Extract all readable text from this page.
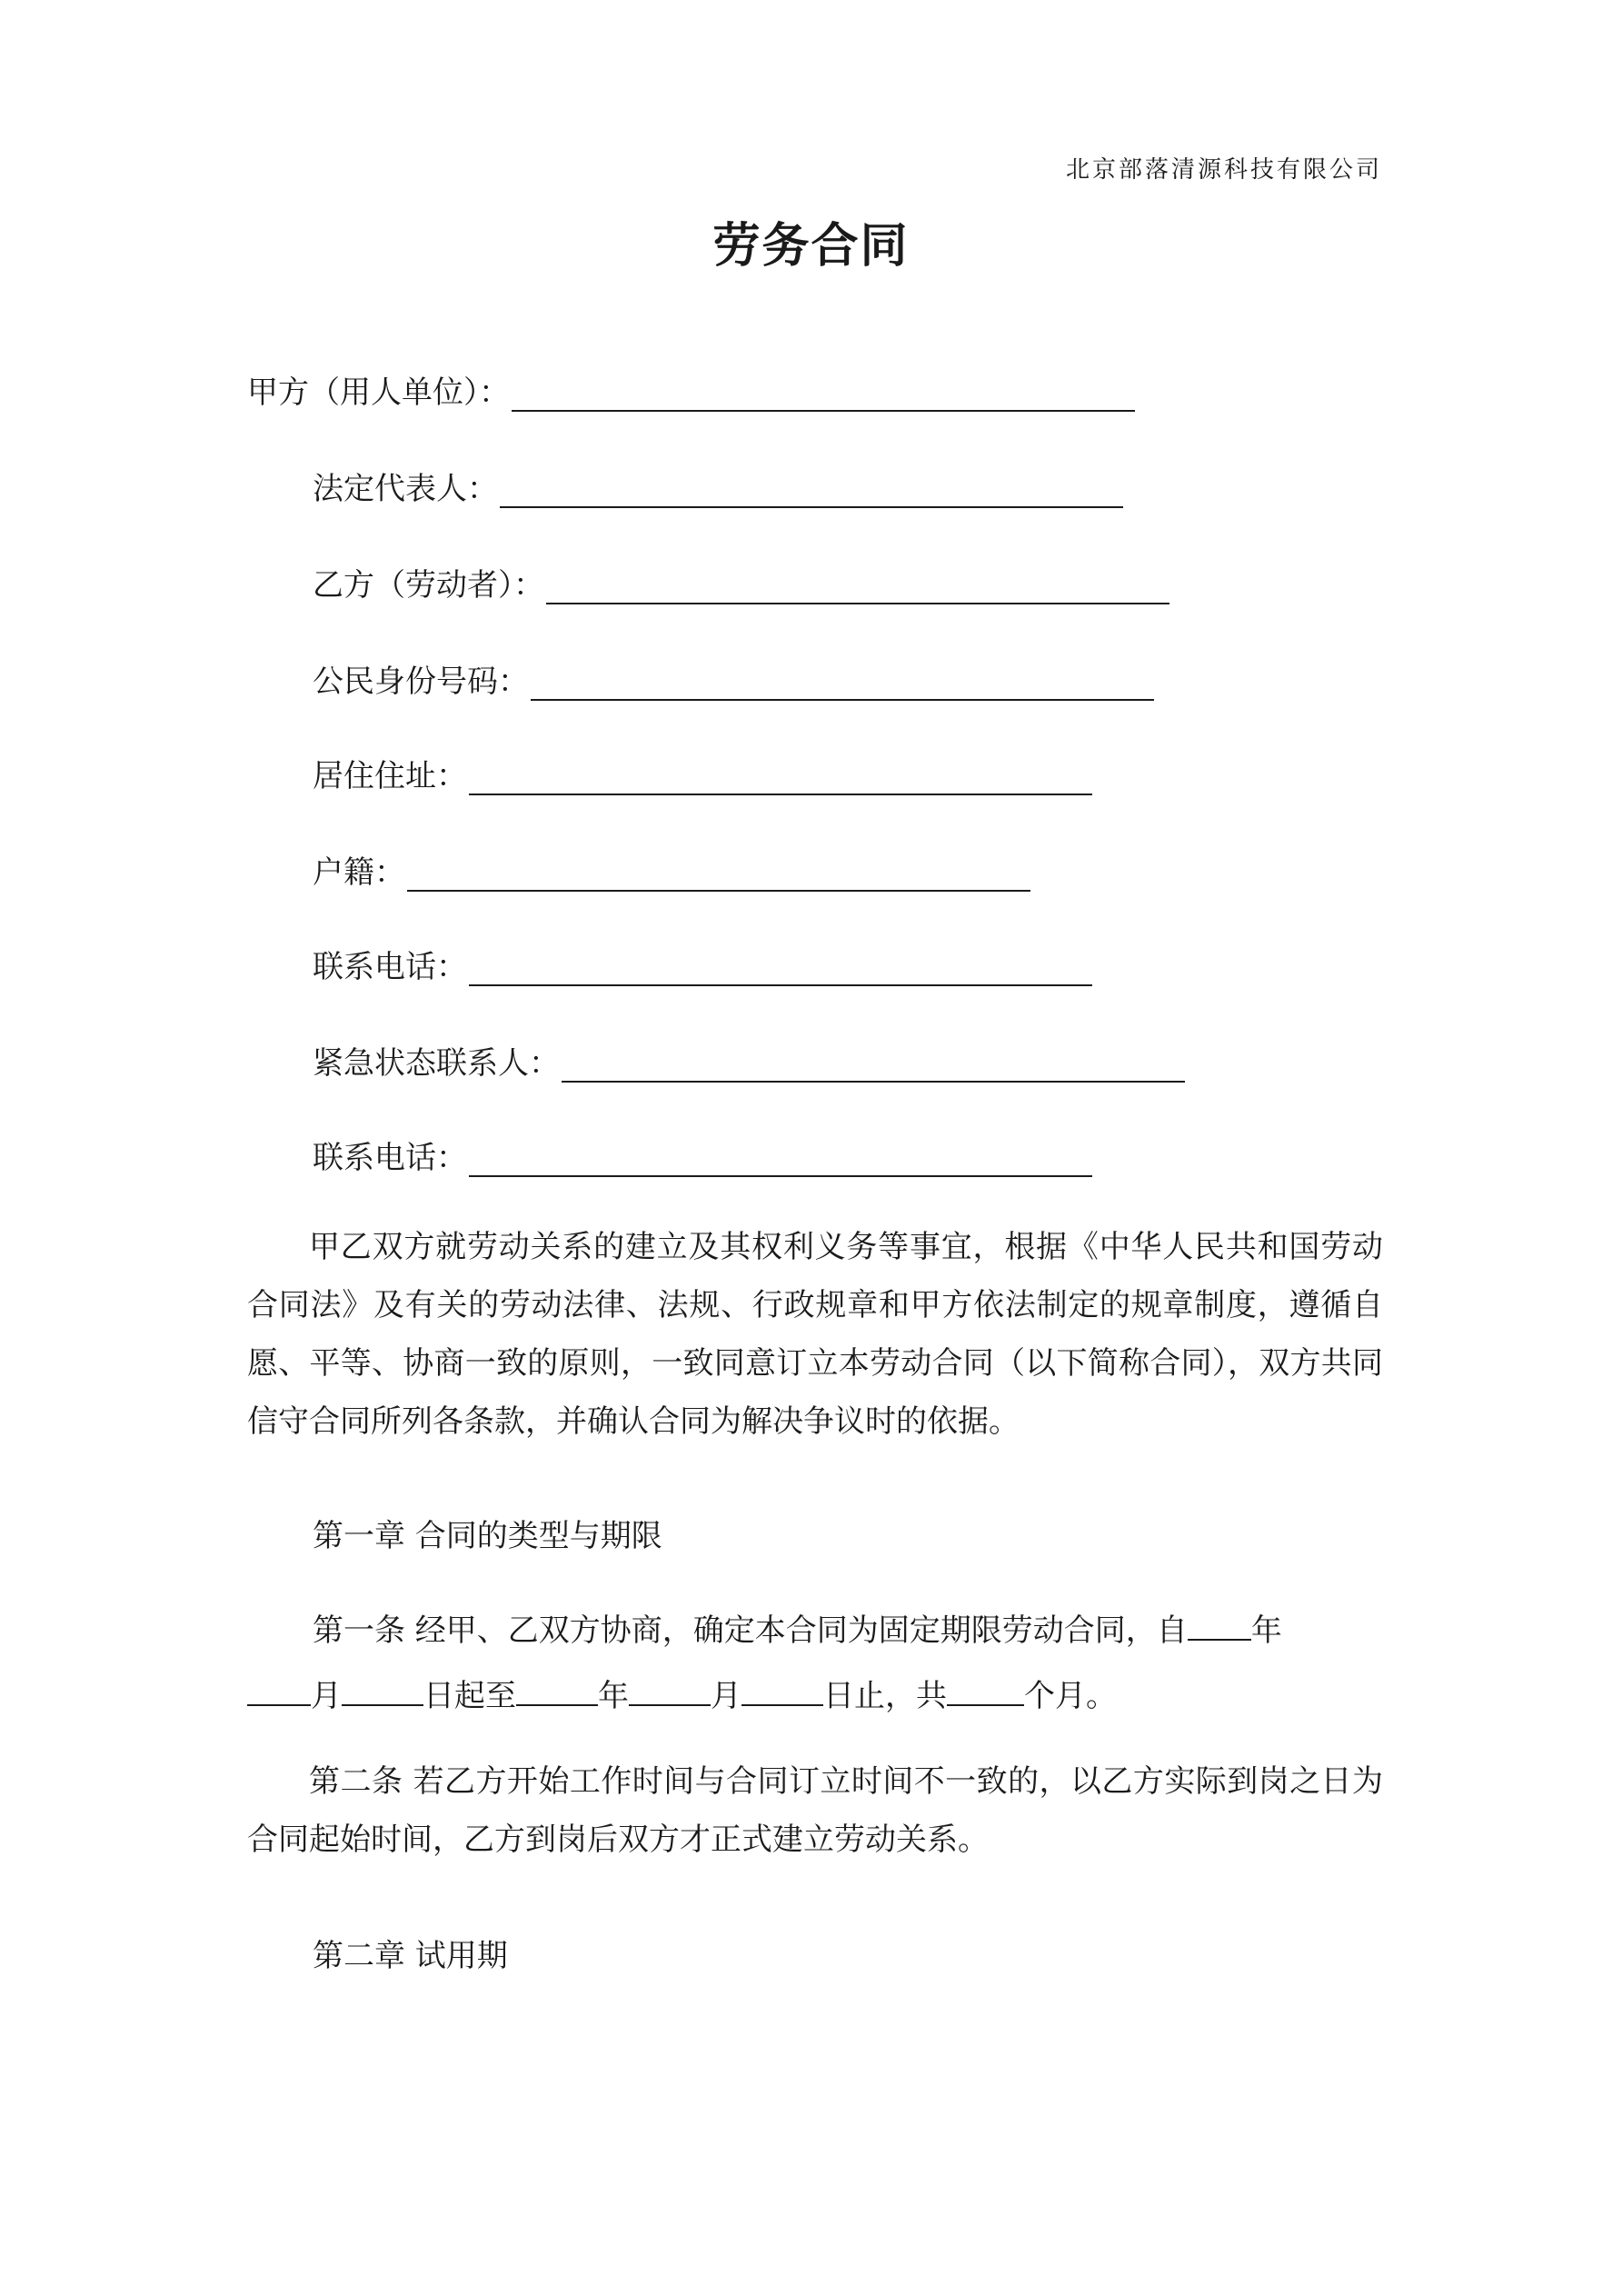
北京部落清源科技有限公司
劳务合同
甲方（用人单位）：
法定代表人：
乙方（劳动者）：
公民身份号码：
居住住址：
户籍：
联系电话：
紧急状态联系人：
联系电话：
甲乙双方就劳动关系的建立及其权利义务等事宜，根据《中华人民共和国劳动合同法》及有关的劳动法律、法规、行政规章和甲方依法制定的规章制度，遵循自愿、平等、协商一致的原则，一致同意订立本劳动合同（以下简称合同），双方共同信守合同所列各条款，并确认合同为解决争议时的依据。
第一章 合同的类型与期限
第一条 经甲、乙双方协商，确定本合同为固定期限劳动合同，自 年
月	日起至	年	月	日止，共	个月。
第二条 若乙方开始工作时间与合同订立时间不一致的，以乙方实际到岗之日为合同起始时间，乙方到岗后双方才正式建立劳动关系。
第二章 试用期
